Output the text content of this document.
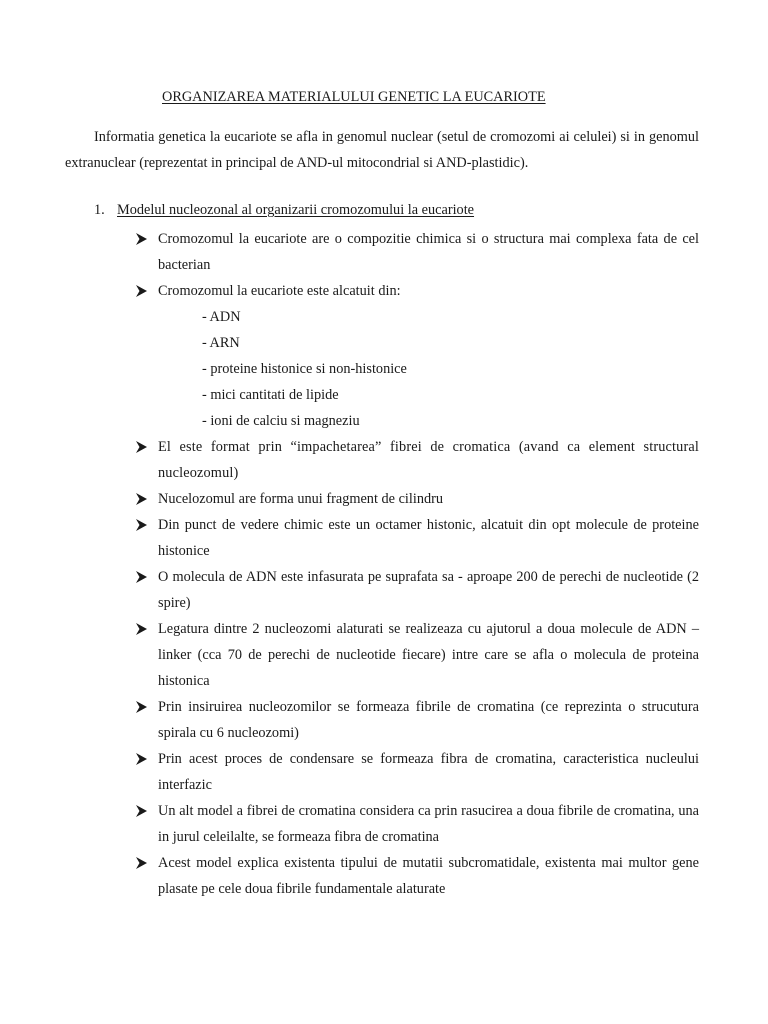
ORGANIZAREA MATERIALULUI GENETIC LA EUCARIOTE

Informatia genetica la eucariote se afla in genomul nuclear (setul de cromozomi ai celulei) si in genomul extranuclear (reprezentat in principal de AND-ul mitocondrial si AND-plastidic).

1. Modelul nucleozonal al organizarii cromozomului la eucariote
Cromozomul la eucariote are o compozitie chimica si o structura mai complexa fata de cel bacterian
Cromozomul la eucariote este alcatuit din:
- ADN
- ARN
- proteine histonice si non-histonice
- mici cantitati de lipide
- ioni de calciu si magneziu
El este format prin “impachetarea” fibrei de cromatica (avand ca element structural nucleozomul)
Nucelozomul are forma unui fragment de cilindru
Din punct de vedere chimic este un octamer histonic, alcatuit din opt molecule de proteine histonice
O molecula de ADN este infasurata pe suprafata sa - aproape 200 de perechi de nucleotide (2 spire)
Legatura dintre 2 nucleozomi alaturati se realizeaza cu ajutorul a doua molecule de ADN – linker (cca 70 de perechi de nucleotide fiecare) intre care se afla o molecula de proteina histonica
Prin insiruirea nucleozomilor se formeaza fibrile de cromatina (ce reprezinta o strucutura spirala cu 6 nucleozomi)
Prin acest proces de condensare se formeaza fibra de cromatina, caracteristica nucleului interfazic
Un alt model a fibrei de cromatina considera ca prin rasucirea a doua fibrile de cromatina, una in jurul celeilalte, se formeaza fibra de cromatina
Acest model explica existenta tipului de mutatii subcromatidale, existenta mai multor gene plasate pe cele doua fibrile fundamentale alaturate
